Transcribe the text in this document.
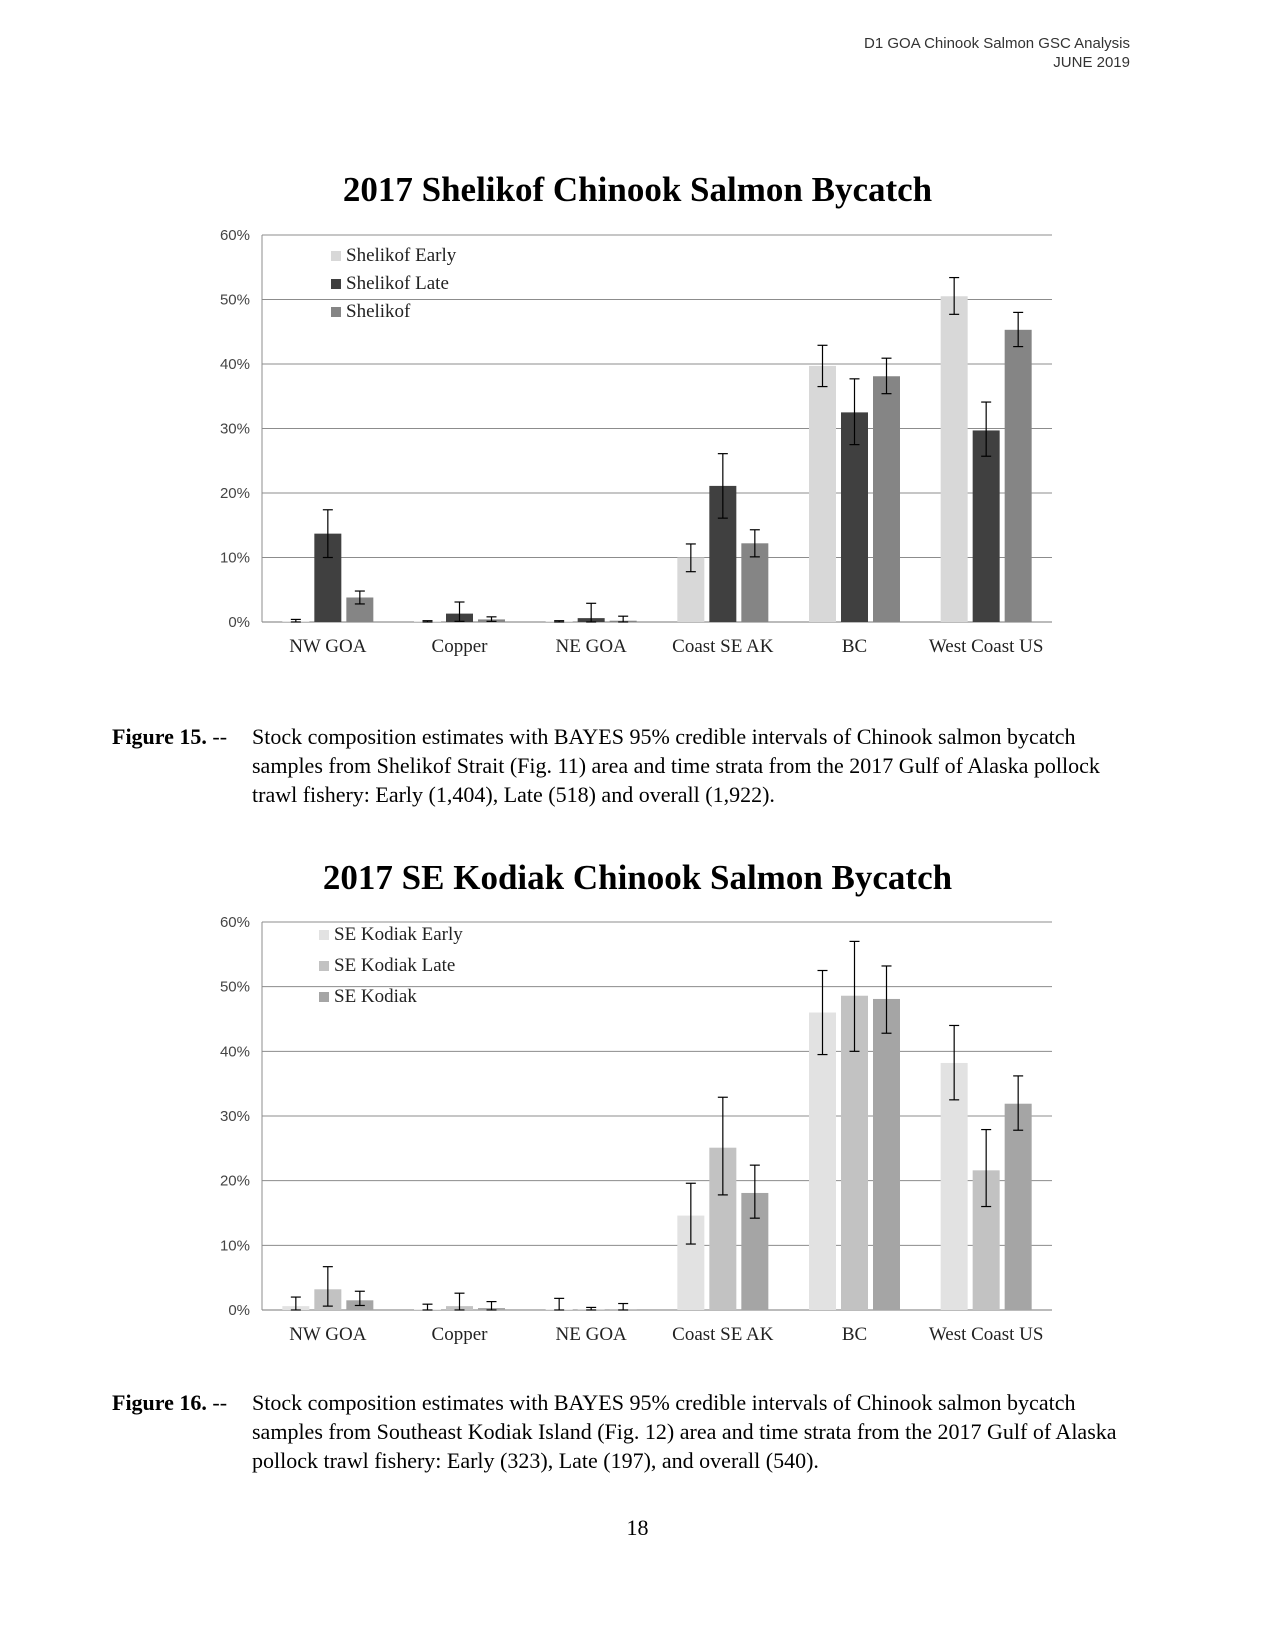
D1 GOA Chinook Salmon GSC Analysis
JUNE 2019
2017 Shelikof Chinook Salmon Bycatch
0%
10%
20%
30%
40%
50%
60%
NW GOA	Copper	NE GOA Coast SE AK	BC	West Coast US
Shelikof Early
Shelikof Late
Shelikof
Figure 15. -- Stock composition estimates with BAYES 95% credible intervals of Chinook salmon bycatch samples from Shelikof Strait (Fig. 11) area and time strata from the 2017 Gulf of Alaska pollock trawl fishery: Early (1,404), Late (518) and overall (1,922).
2017 SE Kodiak Chinook Salmon Bycatch
0%
10%
20%
30%
40%
50%
60%
NW GOA	Copper	NE GOA Coast SE AK	BC	West Coast US
SE Kodiak Early
SE Kodiak Late
SE Kodiak
Figure 16. -- Stock composition estimates with BAYES 95% credible intervals of Chinook salmon bycatch samples from Southeast Kodiak Island (Fig. 12) area and time strata from the 2017 Gulf of Alaska pollock trawl fishery: Early (323), Late (197), and overall (540).
18
